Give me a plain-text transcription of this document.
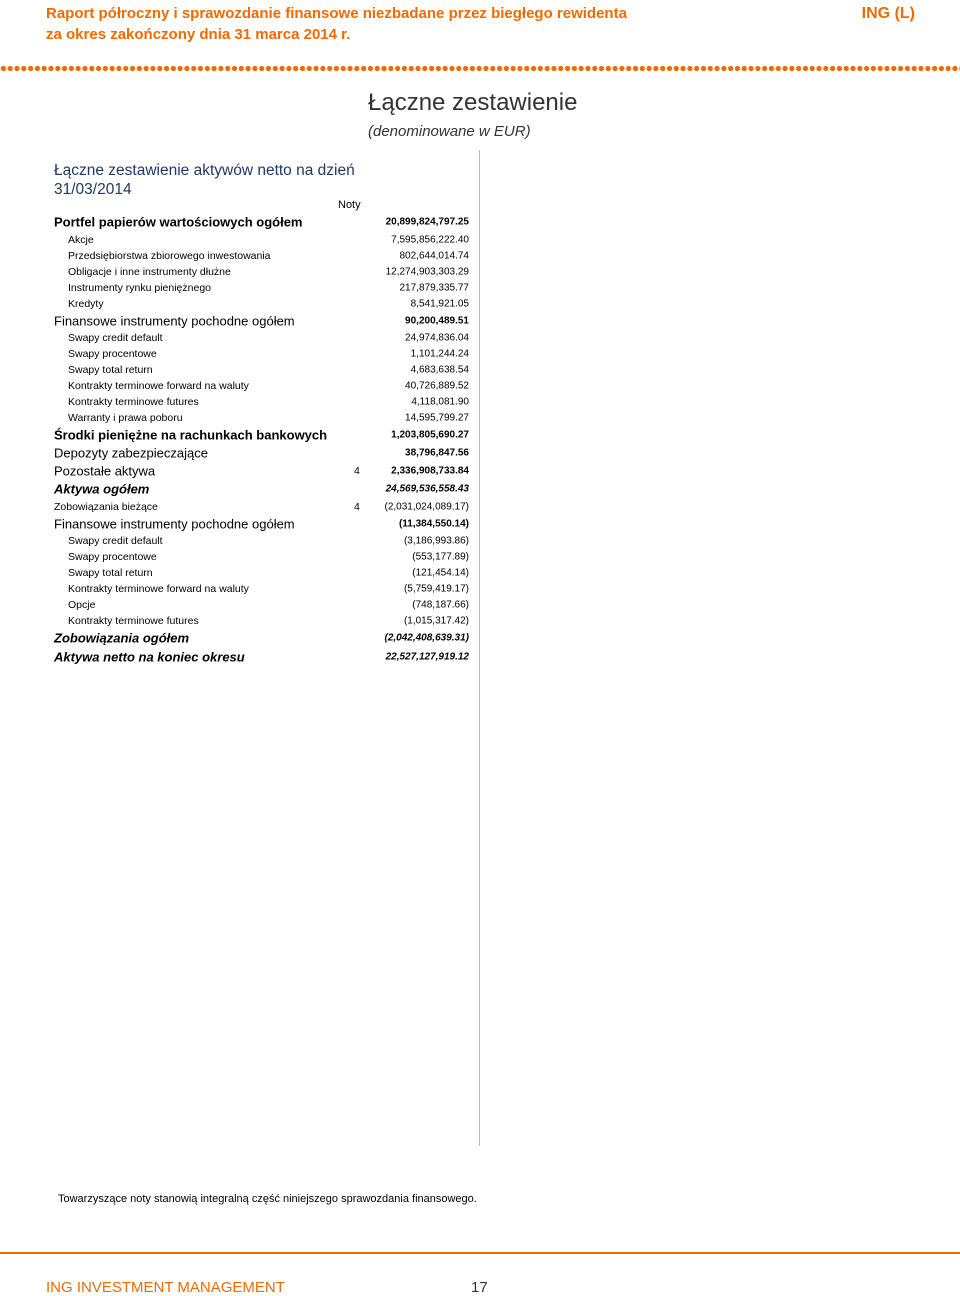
Raport półroczny i sprawozdanie finansowe niezbadane przez biegłego rewidenta
za okres zakończony dnia 31 marca 2014 r.
ING (L)
Łączne zestawienie
(denominowane w EUR)
Łączne zestawienie aktywów netto na dzień 31/03/2014
Noty
Portfel papierów wartościowych ogółem	20,899,824,797.25
Akcje	7,595,856,222.40
Przedsiębiorstwa zbiorowego inwestowania	802,644,014.74
Obligacje i inne instrumenty dłużne	12,274,903,303.29
Instrumenty rynku pieniężnego	217,879,335.77
Kredyty	8,541,921.05
Finansowe instrumenty pochodne ogółem	90,200,489.51
Swapy credit default	24,974,836.04
Swapy procentowe	1,101,244.24
Swapy total return	4,683,638.54
Kontrakty terminowe forward na waluty	40,726,889.52
Kontrakty terminowe futures	4,118,081.90
Warranty i prawa poboru	14,595,799.27
Środki pieniężne na rachunkach bankowych	1,203,805,690.27
Depozyty zabezpieczające	38,796,847.56
Pozostałe aktywa	4	2,336,908,733.84
Aktywa ogółem	24,569,536,558.43
Zobowiązania bieżące	4 (2,031,024,089.17)
Finansowe instrumenty pochodne ogółem	(11,384,550.14)
Swapy credit default	(3,186,993.86)
Swapy procentowe	(553,177.89)
Swapy total return	(121,454.14)
Kontrakty terminowe forward na waluty	(5,759,419.17)
Opcje	(748,187.66)
Kontrakty terminowe futures	(1,015,317.42)
Zobowiązania ogółem	(2,042,408,639.31)
Aktywa netto na koniec okresu	22,527,127,919.12
Towarzyszące noty stanowią integralną część niniejszego sprawozdania finansowego.
ING INVESTMENT MANAGEMENT	17
